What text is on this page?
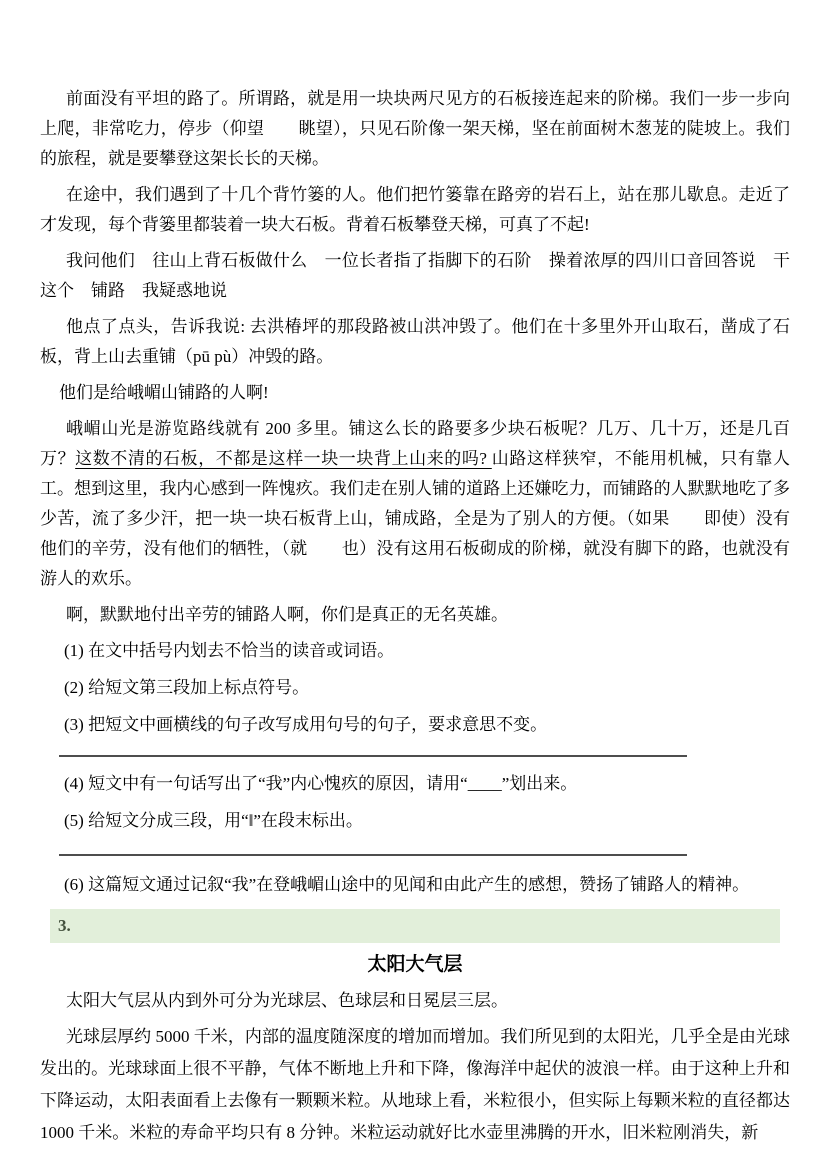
前面没有平坦的路了。所谓路，就是用一块块两尺见方的石板接连起来的阶梯。我们一步一步向上爬，非常吃力，停步（仰望　　眺望），只见石阶像一架天梯，坚在前面树木葱茏的陡坡上。我们的旅程，就是要攀登这架长长的天梯。

在途中，我们遇到了十几个背竹篓的人。他们把竹篓靠在路旁的岩石上，站在那儿歇息。走近了才发现，每个背篓里都装着一块大石板。背着石板攀登天梯，可真了不起!

我问他们　往山上背石板做什么　一位长者指了指脚下的石阶　操着浓厚的四川口音回答说　干这个　铺路　我疑惑地说

他点了点头，告诉我说: 去洪椿坪的那段路被山洪冲毁了。他们在十多里外开山取石，凿成了石板，背上山去重铺（pū pù）冲毁的路。

他们是给峨嵋山铺路的人啊!

峨嵋山光是游览路线就有 200 多里。铺这么长的路要多少块石板呢？几万、几十万，还是几百万？这数不清的石板，不都是这样一块一块背上山来的吗? 山路这样狭窄，不能用机械，只有靠人工。想到这里，我内心感到一阵愧疚。我们走在别人铺的道路上还嫌吃力，而铺路的人默默地吃了多少苦，流了多少汗，把一块一块石板背上山，铺成路，全是为了别人的方便。（如果　　即使）没有他们的辛劳，没有他们的牺牲，（就　　也）没有这用石板砌成的阶梯，就没有脚下的路，也就没有游人的欢乐。

啊，默默地付出辛劳的铺路人啊，你们是真正的无名英雄。

(1) 在文中括号内划去不恰当的读音或词语。

(2) 给短文第三段加上标点符号。

(3) 把短文中画横线的句子改写成用句号的句子，要求意思不变。

(4) 短文中有一句话写出了“我”内心愧疚的原因，请用“____”划出来。

(5) 给短文分成三段，用“‖”在段末标出。

(6) 这篇短文通过记叙“我”在登峨嵋山途中的见闻和由此产生的感想，赞扬了铺路人的精神。

3.
太阳大气层

太阳大气层从内到外可分为光球层、色球层和日冕层三层。

光球层厚约 5000 千米，内部的温度随深度的增加而增加。我们所见到的太阳光，几乎全是由光球发出的。光球球面上很不平静，气体不断地上升和下降，像海洋中起伏的波浪一样。由于这种上升和下降运动，太阳表面看上去像有一颗颗米粒。从地球上看，米粒很小，但实际上每颗米粒的直径都达 1000 千米。米粒的寿命平均只有 8 分钟。米粒运动就好比水壶里沸腾的开水，旧米粒刚消失，新
